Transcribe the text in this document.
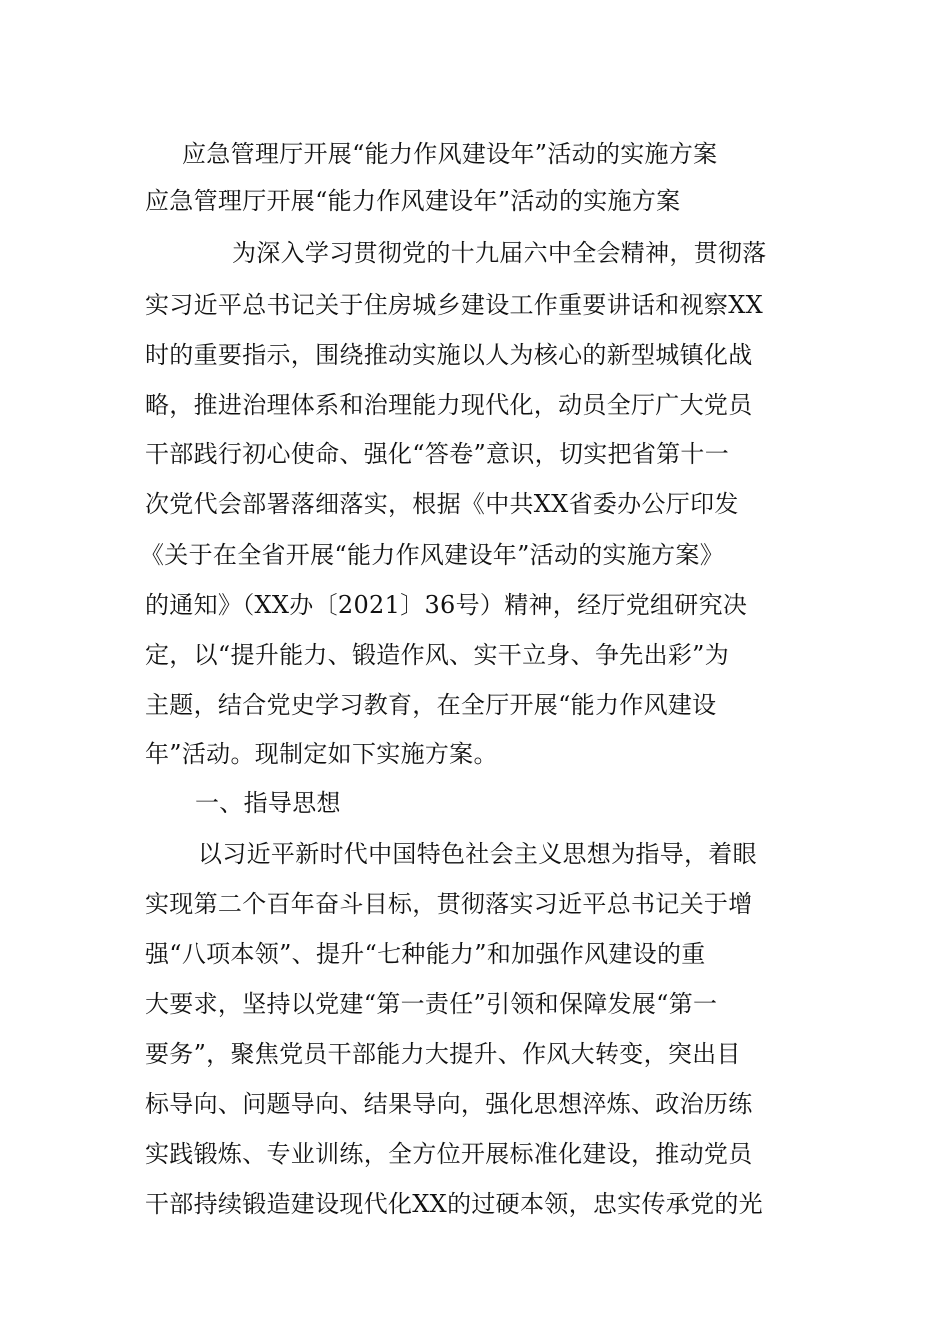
应急管理厅开展“能力作风建设年”活动的实施方案
应急管理厅开展“能力作风建设年”活动的实施方案
为深入学习贯彻党的十九届六中全会精神，贯彻落
实习近平总书记关于住房城乡建设工作重要讲话和视察XX
时的重要指示，围绕推动实施以人为核心的新型城镇化战
略，推进治理体系和治理能力现代化，动员全厅广大党员
干部践行初心使命、强化“答卷”意识，切实把省第十一
次党代会部署落细落实，根据《中共XX省委办公厅印发
《关于在全省开展“能力作风建设年”活动的实施方案》
的通知》（XX办〔2021〕36号）精神，经厅党组研究决
定，以“提升能力、锻造作风、实干立身、争先出彩”为
主题，结合党史学习教育，在全厅开展“能力作风建设
年”活动。现制定如下实施方案。
一、指导思想
以习近平新时代中国特色社会主义思想为指导，着眼
实现第二个百年奋斗目标，贯彻落实习近平总书记关于增
强“八项本领”、提升“七种能力”和加强作风建设的重
大要求，坚持以党建“第一责任”引领和保障发展“第一
要务”，聚焦党员干部能力大提升、作风大转变，突出目
标导向、问题导向、结果导向，强化思想淬炼、政治历练
实践锻炼、专业训练，全方位开展标准化建设，推动党员
干部持续锻造建设现代化XX的过硬本领，忠实传承党的光
